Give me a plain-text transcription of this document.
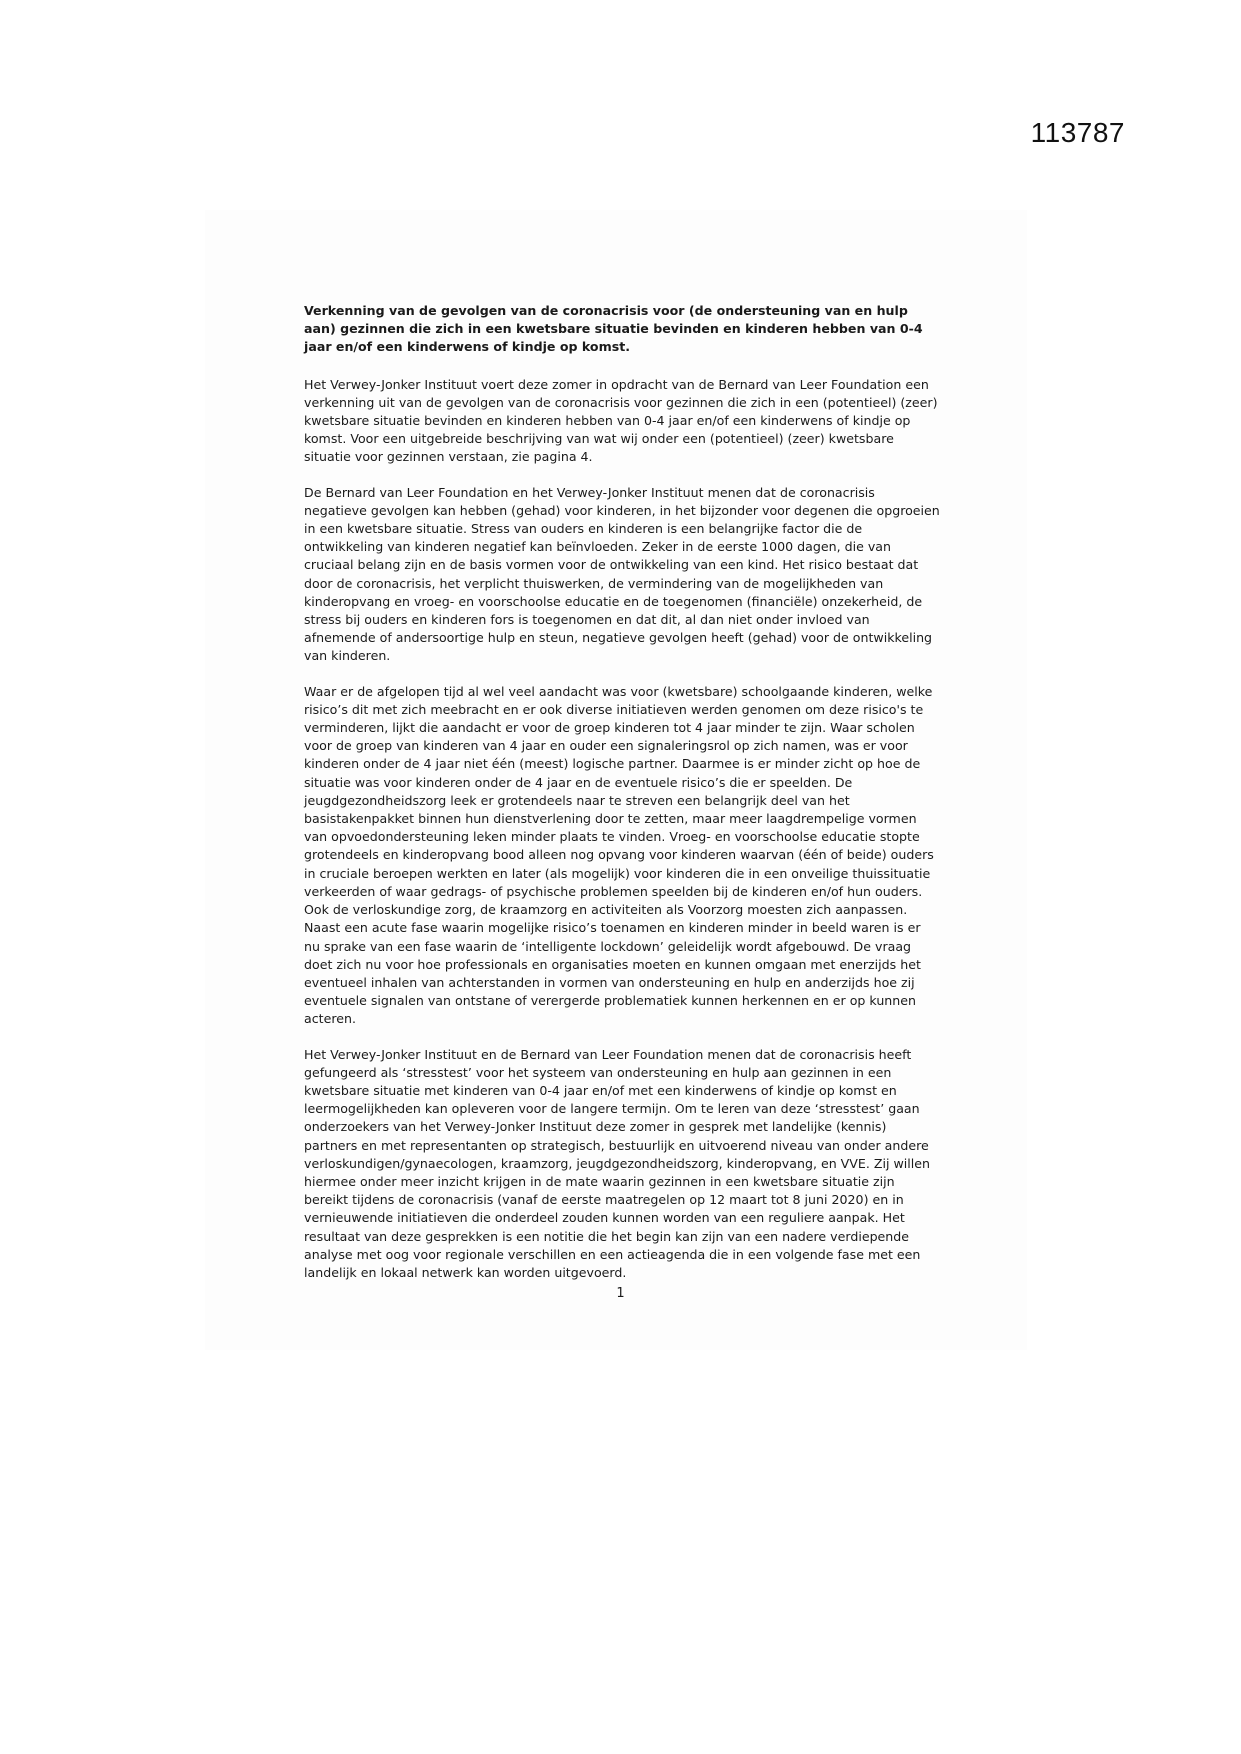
113787

Verkenning van de gevolgen van de coronacrisis voor (de ondersteuning van en hulp aan) gezinnen die zich in een kwetsbare situatie bevinden en kinderen hebben van 0-4 jaar en/of een kinderwens of kindje op komst.

Het Verwey-Jonker Instituut voert deze zomer in opdracht van de Bernard van Leer Foundation een verkenning uit van de gevolgen van de coronacrisis voor gezinnen die zich in een (potentieel) (zeer) kwetsbare situatie bevinden en kinderen hebben van 0-4 jaar en/of een kinderwens of kindje op komst. Voor een uitgebreide beschrijving van wat wij onder een (potentieel) (zeer) kwetsbare situatie voor gezinnen verstaan, zie pagina 4.

De Bernard van Leer Foundation en het Verwey-Jonker Instituut menen dat de coronacrisis negatieve gevolgen kan hebben (gehad) voor kinderen, in het bijzonder voor degenen die opgroeien in een kwetsbare situatie. Stress van ouders en kinderen is een belangrijke factor die de ontwikkeling van kinderen negatief kan beïnvloeden. Zeker in de eerste 1000 dagen, die van cruciaal belang zijn en de basis vormen voor de ontwikkeling van een kind. Het risico bestaat dat door de coronacrisis, het verplicht thuiswerken, de vermindering van de mogelijkheden van kinderopvang en vroeg- en voorschoolse educatie en de toegenomen (financiële) onzekerheid, de stress bij ouders en kinderen fors is toegenomen en dat dit, al dan niet onder invloed van afnemende of andersoortige hulp en steun, negatieve gevolgen heeft (gehad) voor de ontwikkeling van kinderen.

Waar er de afgelopen tijd al wel veel aandacht was voor (kwetsbare) schoolgaande kinderen, welke risico’s dit met zich meebracht en er ook diverse initiatieven werden genomen om deze risico's te verminderen, lijkt die aandacht er voor de groep kinderen tot 4 jaar minder te zijn. Waar scholen voor de groep van kinderen van 4 jaar en ouder een signaleringsrol op zich namen, was er voor kinderen onder de 4 jaar niet één (meest) logische partner. Daarmee is er minder zicht op hoe de situatie was voor kinderen onder de 4 jaar en de eventuele risico’s die er speelden. De jeugdgezondheidszorg leek er grotendeels naar te streven een belangrijk deel van het basistakenpakket binnen hun dienstverlening door te zetten, maar meer laagdrempelige vormen van opvoedondersteuning leken minder plaats te vinden. Vroeg- en voorschoolse educatie stopte grotendeels en kinderopvang bood alleen nog opvang voor kinderen waarvan (één of beide) ouders in cruciale beroepen werkten en later (als mogelijk) voor kinderen die in een onveilige thuissituatie verkeerden of waar gedrags- of psychische problemen speelden bij de kinderen en/of hun ouders. Ook de verloskundige zorg, de kraamzorg en activiteiten als Voorzorg moesten zich aanpassen. Naast een acute fase waarin mogelijke risico’s toenamen en kinderen minder in beeld waren is er nu sprake van een fase waarin de ‘intelligente lockdown’ geleidelijk wordt afgebouwd. De vraag doet zich nu voor hoe professionals en organisaties moeten en kunnen omgaan met enerzijds het eventueel inhalen van achterstanden in vormen van ondersteuning en hulp en anderzijds hoe zij eventuele signalen van ontstane of verergerde problematiek kunnen herkennen en er op kunnen acteren.

Het Verwey-Jonker Instituut en de Bernard van Leer Foundation menen dat de coronacrisis heeft gefungeerd als ‘stresstest’ voor het systeem van ondersteuning en hulp aan gezinnen in een kwetsbare situatie met kinderen van 0-4 jaar en/of met een kinderwens of kindje op komst en leermogelijkheden kan opleveren voor de langere termijn. Om te leren van deze ‘stresstest’ gaan onderzoekers van het Verwey-Jonker Instituut deze zomer in gesprek met landelijke (kennis) partners en met representanten op strategisch, bestuurlijk en uitvoerend niveau van onder andere verloskundigen/gynaecologen, kraamzorg, jeugdgezondheidszorg, kinderopvang, en VVE. Zij willen hiermee onder meer inzicht krijgen in de mate waarin gezinnen in een kwetsbare situatie zijn bereikt tijdens de coronacrisis (vanaf de eerste maatregelen op 12 maart tot 8 juni 2020) en in vernieuwende initiatieven die onderdeel zouden kunnen worden van een reguliere aanpak. Het resultaat van deze gesprekken is een notitie die het begin kan zijn van een nadere verdiepende analyse met oog voor regionale verschillen en een actieagenda die in een volgende fase met een landelijk en lokaal netwerk kan worden uitgevoerd.

1
